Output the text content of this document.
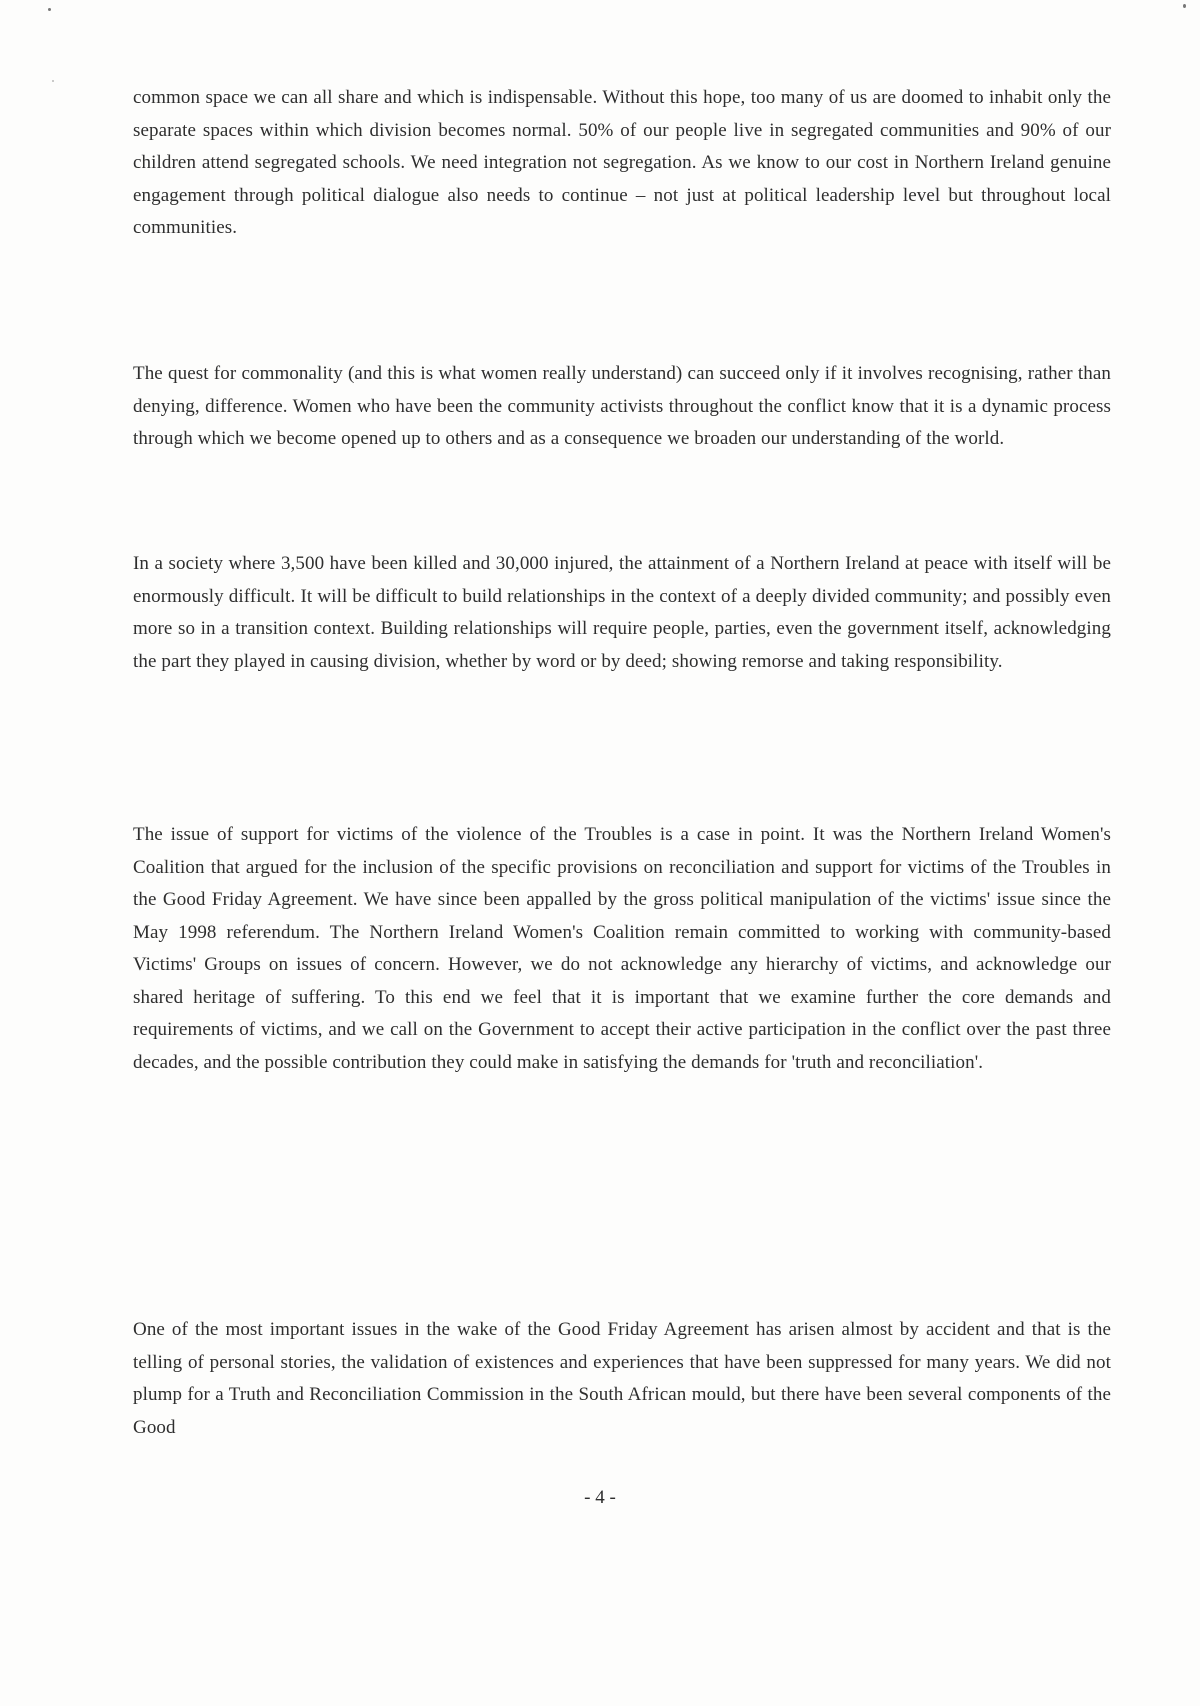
common space we can all share and which is indispensable. Without this hope, too many of us are doomed to inhabit only the separate spaces within which division becomes normal. 50% of our people live in segregated communities and 90% of our children attend segregated schools. We need integration not segregation. As we know to our cost in Northern Ireland genuine engagement through political dialogue also needs to continue – not just at political leadership level but throughout local communities.

The quest for commonality (and this is what women really understand) can succeed only if it involves recognising, rather than denying, difference. Women who have been the community activists throughout the conflict know that it is a dynamic process through which we become opened up to others and as a consequence we broaden our understanding of the world.

In a society where 3,500 have been killed and 30,000 injured, the attainment of a Northern Ireland at peace with itself will be enormously difficult. It will be difficult to build relationships in the context of a deeply divided community; and possibly even more so in a transition context. Building relationships will require people, parties, even the government itself, acknowledging the part they played in causing division, whether by word or by deed; showing remorse and taking responsibility.

The issue of support for victims of the violence of the Troubles is a case in point. It was the Northern Ireland Women's Coalition that argued for the inclusion of the specific provisions on reconciliation and support for victims of the Troubles in the Good Friday Agreement. We have since been appalled by the gross political manipulation of the victims' issue since the May 1998 referendum. The Northern Ireland Women's Coalition remain committed to working with community-based Victims' Groups on issues of concern. However, we do not acknowledge any hierarchy of victims, and acknowledge our shared heritage of suffering. To this end we feel that it is important that we examine further the core demands and requirements of victims, and we call on the Government to accept their active participation in the conflict over the past three decades, and the possible contribution they could make in satisfying the demands for 'truth and reconciliation'.

One of the most important issues in the wake of the Good Friday Agreement has arisen almost by accident and that is the telling of personal stories, the validation of existences and experiences that have been suppressed for many years. We did not plump for a Truth and Reconciliation Commission in the South African mould, but there have been several components of the Good

- 4 -
